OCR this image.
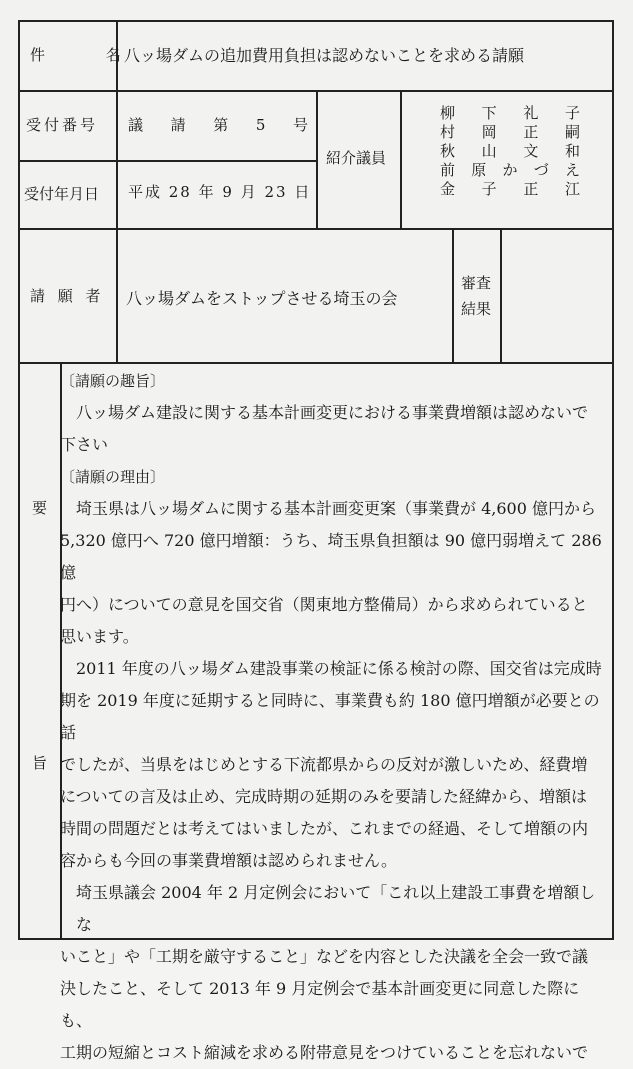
件 名
八ッ場ダムの追加費用負担は認めないことを求める請願
受付番号 議 請 第 5 号
紹介議員
柳 下 礼 子
村 岡 正 嗣
秋 山 文 和
前 原 か づ え
金 子 正 江
受付年月日 平成 28 年 9 月 23 日
請 願 者 八ッ場ダムをストップさせる埼玉の会
審査
結果
要
旨
〔請願の趣旨〕
八ッ場ダム建設に関する基本計画変更における事業費増額は認めないで
下さい
〔請願の理由〕
埼玉県は八ッ場ダムに関する基本計画変更案（事業費が 4,600 億円から
5,320 億円へ 720 億円増額：うち、埼玉県負担額は 90 億円弱増えて 286 億
円へ）についての意見を国交省（関東地方整備局）から求められていると
思います。
2011 年度の八ッ場ダム建設事業の検証に係る検討の際、国交省は完成時
期を 2019 年度に延期すると同時に、事業費も約 180 億円増額が必要との話
でしたが、当県をはじめとする下流都県からの反対が激しいため、経費増
についての言及は止め、完成時期の延期のみを要請した経緯から、増額は
時間の問題だとは考えてはいましたが、これまでの経過、そして増額の内
容からも今回の事業費増額は認められません。
埼玉県議会 2004 年 2 月定例会において「これ以上建設工事費を増額しな
いこと」や「工期を厳守すること」などを内容とした決議を全会一致で議
決したこと、そして 2013 年 9 月定例会で基本計画変更に同意した際にも、
工期の短縮とコスト縮減を求める附帯意見をつけていることを忘れないで
